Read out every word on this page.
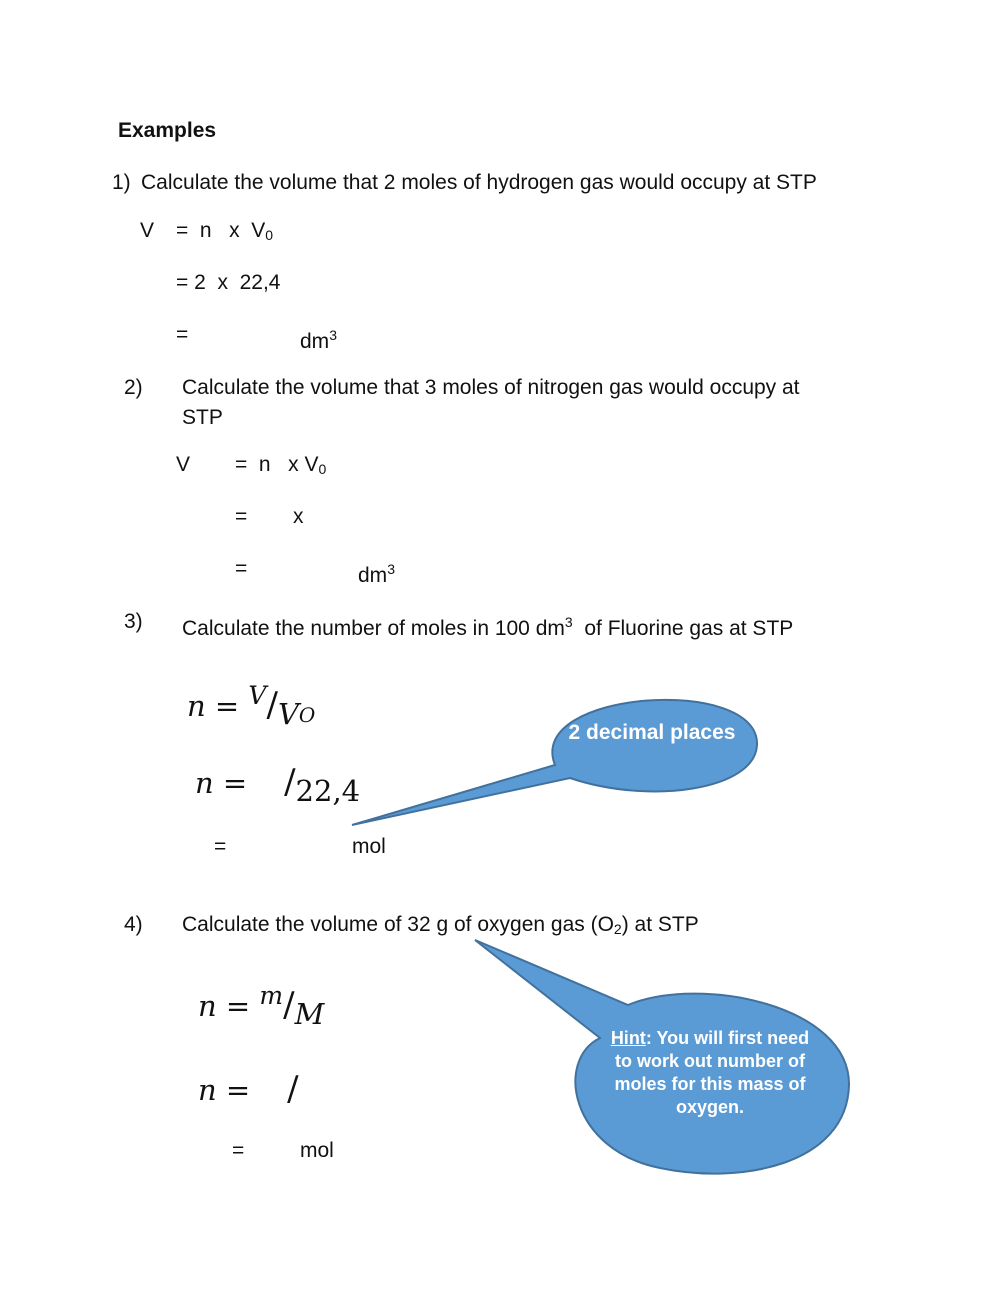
Examples
1) Calculate the volume that 2 moles of hydrogen gas would occupy at STP
V =  n   x  $V_0$
= 2  x  22,4
=	$dm^3$
2) Calculate the volume that 3 moles of nitrogen gas would occupy at
STP
V =  n   x $V_0$
= x
=	$dm^3$
3) Calculate the number of moles in 100 $dm^3$  of Fluorine gas at STP
$n = V/V_O$
n = /22,4
=	mol
2 decimal places
4) Calculate the volume of 32 g of oxygen gas $(O_2)$ at STP
n = m/M
n = /
=	mol
Hint: You will first need to work out number of moles for this mass of oxygen.
